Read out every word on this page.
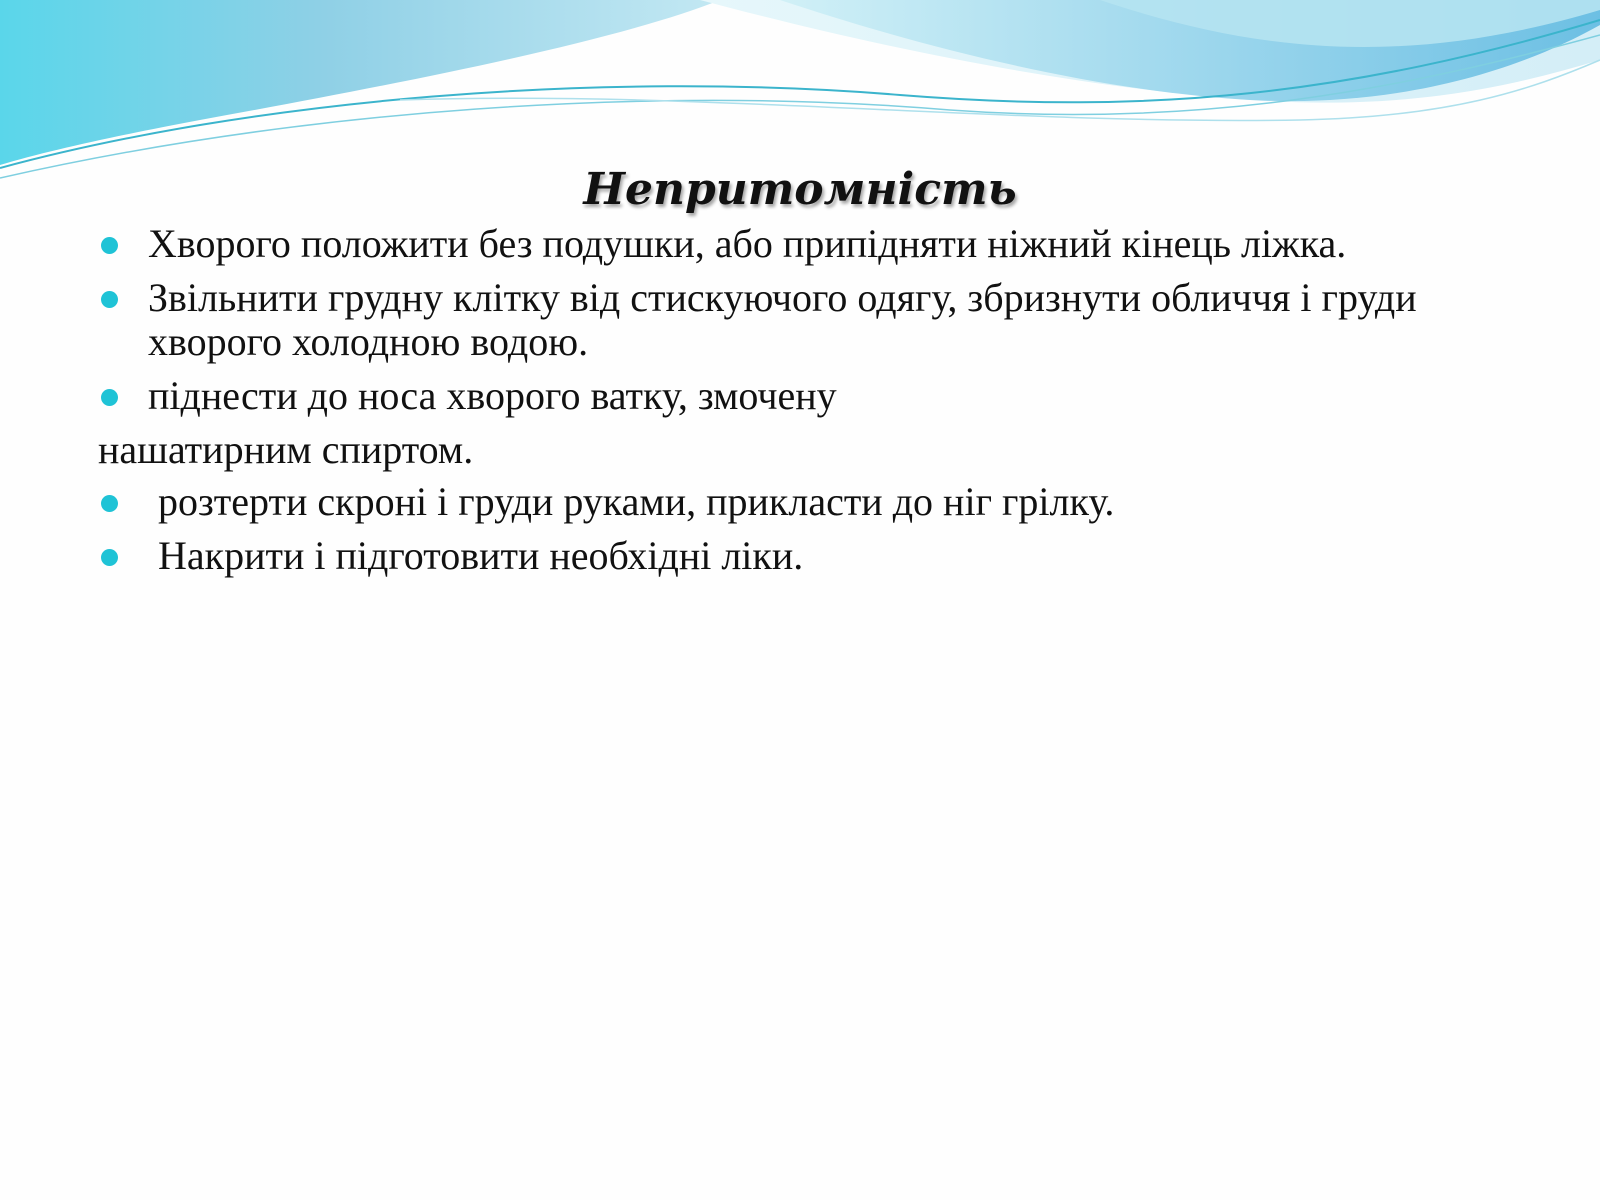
Непритомність
Хворого положити без подушки, або припідняти ніжний кінець ліжка.
Звільнити грудну клітку від стискуючого одягу, збризнути обличчя і груди хворого холодною водою.
піднести до носа хворого ватку, змочену
нашатирним спиртом.
розтерти скроні і груди руками, прикласти до ніг грілку.
Накрити і підготовити необхідні ліки.
